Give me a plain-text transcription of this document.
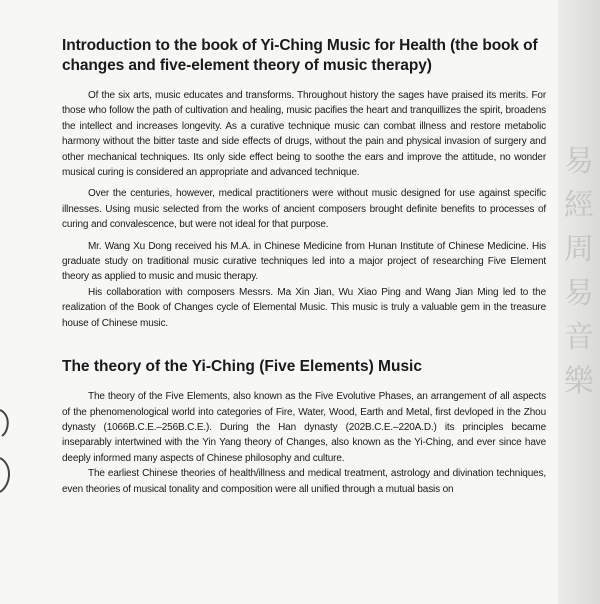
易經周易音樂
Introduction to the book of Yi-Ching Music for Health (the book of changes and five-element theory of music therapy)

Of the six arts, music educates and transforms. Throughout history the sages have praised its merits. For those who follow the path of cultivation and healing, music pacifies the heart and tranquillizes the spirit, broadens the intellect and increases longevity. As a curative technique music can combat illness and restore metabolic harmony without the bitter taste and side effects of drugs, without the pain and physical invasion of surgery and other mechanical techniques. Its only side effect being to soothe the ears and improve the attitude, no wonder musical curing is considered an appropriate and advanced technique.

Over the centuries, however, medical practitioners were without music designed for use against specific illnesses. Using music selected from the works of ancient composers brought definite benefits to processes of curing and convalescence, but were not ideal for that purpose.

Mr. Wang Xu Dong received his M.A. in Chinese Medicine from Hunan Institute of Chinese Medicine. His graduate study on traditional music curative techniques led into a major project of researching Five Element theory as applied to music and music therapy.

His collaboration with composers Messrs. Ma Xin Jian, Wu Xiao Ping and Wang Jian Ming led to the realization of the Book of Changes cycle of Elemental Music. This music is truly a valuable gem in the treasure house of Chinese music.

The theory of the Yi-Ching (Five Elements) Music

The theory of the Five Elements, also known as the Five Evolutive Phases, an arrangement of all aspects of the phenomenological world into categories of Fire, Water, Wood, Earth and Metal, first devloped in the Zhou dynasty (1066B.C.E.–256B.C.E.). During the Han dynasty (202B.C.E.–220A.D.) its principles became inseparably intertwined with the Yin Yang theory of Changes, also known as the Yi-Ching, and ever since have deeply informed many aspects of Chinese philosophy and culture.

The earliest Chinese theories of health/illness and medical treatment, astrology and divination techniques, even theories of musical tonality and composition were all unified through a mutual basis on
